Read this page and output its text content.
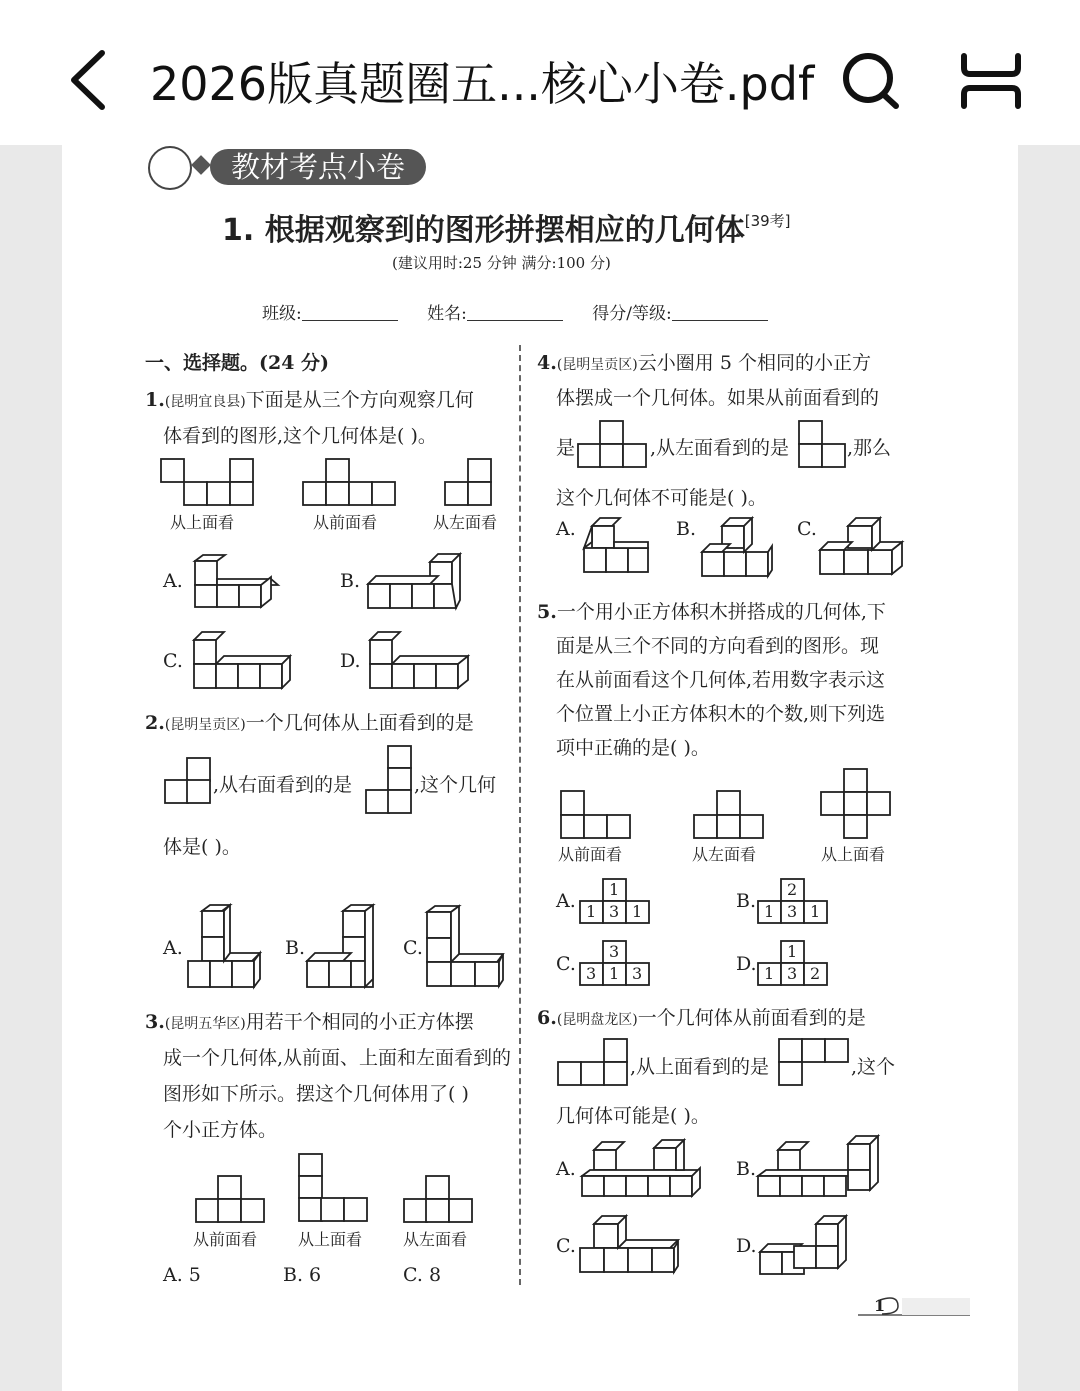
2026版真题圈五...核心小卷.pdf
教材考点小卷
1. 根据观察到的图形拼摆相应的几何体[39考]
(建议用时:25 分钟 满分:100 分)
班级:	姓名:	得分/等级:
一、选择题。(24 分)
1.(昆明宜良县)下面是从三个方向观察几何
体看到的图形,这个几何体是( )。
从上面看	从前面看	从左面看
A.	B.
C.	D.
2.(昆明呈贡区)一个几何体从上面看到的是
,从右面看到的是	,这个几何
体是( )。
A.	B.	C.
3.(昆明五华区)用若干个相同的小正方体摆
成一个几何体,从前面、上面和左面看到的
图形如下所示。摆这个几何体用了( )
个小正方体。
从前面看	从上面看	从左面看
A. 5	B. 6	C. 8
4.(昆明呈贡区)云小圈用 5 个相同的小正方
体摆成一个几何体。如果从前面看到的
是	,从左面看到的是	,那么
这个几何体不可能是( )。
A.	B.	C.
5.一个用小正方体积木拼搭成的几何体,下
面是从三个不同的方向看到的图形。现
在从前面看这个几何体,若用数字表示这
个位置上小正方体积木的个数,则下列选
项中正确的是( )。
从前面看	从左面看	从上面看
A.
1
1 3 1	B.
2
1 3 1
C.
3
3 1 3	D.
1
1 3 2
6.(昆明盘龙区)一个几何体从前面看到的是
,从上面看到的是	,这个
几何体可能是( )。
A.	B.
C.	D.
1
